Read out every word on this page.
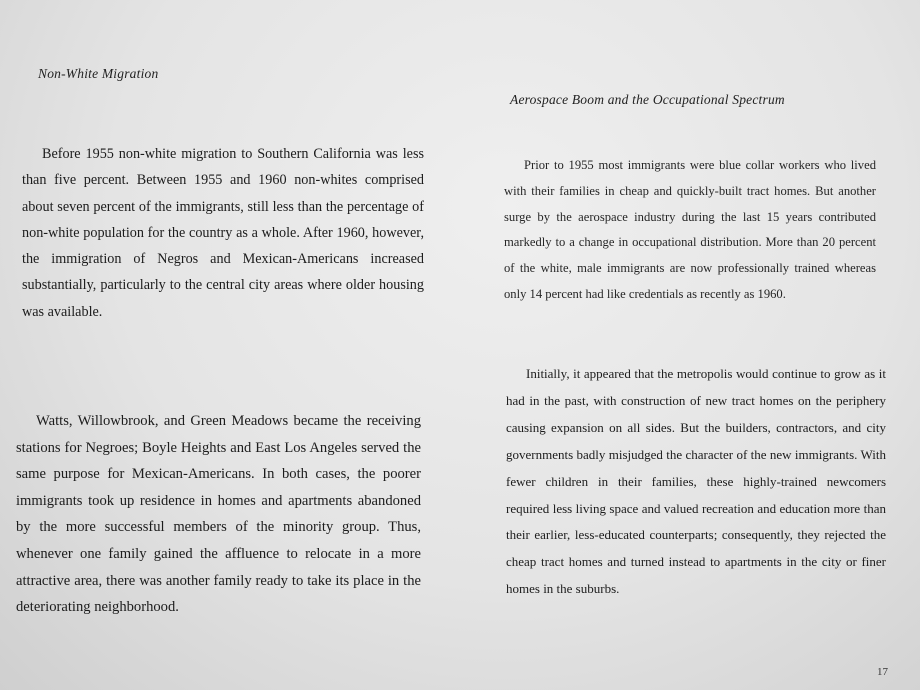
Non-White Migration

Before 1955 non-white migration to Southern California was less than five percent. Between 1955 and 1960 non-whites comprised about seven percent of the immigrants, still less than the percentage of non-white population for the country as a whole. After 1960, however, the immigration of Negros and Mexican-Americans increased substantially, particularly to the central city areas where older housing was available.

Watts, Willowbrook, and Green Meadows became the receiving stations for Negroes; Boyle Heights and East Los Angeles served the same purpose for Mexican-Americans. In both cases, the poorer immigrants took up residence in homes and apartments abandoned by the more successful members of the minority group. Thus, whenever one family gained the affluence to relocate in a more attractive area, there was another family ready to take its place in the deteriorating neighborhood.

Aerospace Boom and the Occupational Spectrum

Prior to 1955 most immigrants were blue collar workers who lived with their families in cheap and quickly-built tract homes. But another surge by the aerospace industry during the last 15 years contributed markedly to a change in occupational distribution. More than 20 percent of the white, male immigrants are now professionally trained whereas only 14 percent had like credentials as recently as 1960.

Initially, it appeared that the metropolis would continue to grow as it had in the past, with construction of new tract homes on the periphery causing expansion on all sides. But the builders, contractors, and city governments badly misjudged the character of the new immigrants. With fewer children in their families, these highly-trained newcomers required less living space and valued recreation and education more than their earlier, less-educated counterparts; consequently, they rejected the cheap tract homes and turned instead to apartments in the city or finer homes in the suburbs.

17
